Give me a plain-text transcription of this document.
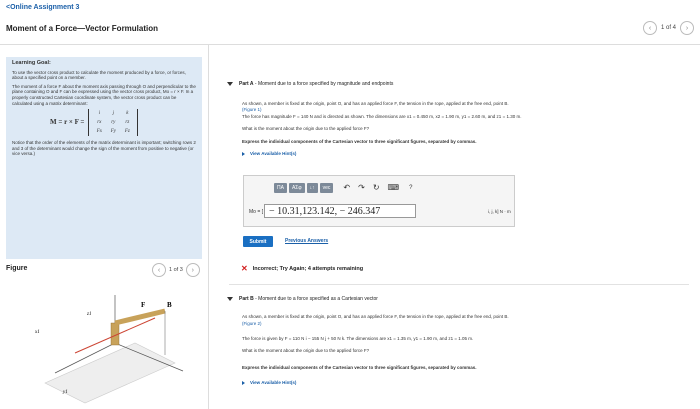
<Online Assignment 3
Moment of a Force—Vector Formulation	‹	1 of 4	›
Learning Goal:

To use the vector cross product to calculate the moment produced by a force, or forces, about a specified point on a member.

The moment of a force F about the moment axis passing through O and perpendicular to the plane containing O and F can be expressed using the vector cross product, Mo = r × F. In a properly constructed Cartesian coordinate system, the vector cross product can be calculated using a matrix determinant:

M = r × F =
i	j	k
rx	ry	rz
Fx	Fy	Fz

Notice that the order of the elements of the matrix determinant is important; switching rows 2 and 3 of the determinant would change the sign of the moment from positive to negative (or vice versa.)

Figure	‹	1 of 3	›
B
F
z1
x1
y1
Part A - Moment due to a force specified by magnitude and endpoints
As shown, a member is fixed at the origin, point O, and has an applied force F, the tension in the rope, applied at the free end, point B.
(Figure 1)
The force has magnitude F = 140 N and is directed as shown. The dimensions are x1 = 0.450 m, x2 = 1.90 m, y1 = 2.60 m, and z1 = 1.30 m.
What is the moment about the origin due to the applied force F?
Express the individual components of the Cartesian vector to three significant figures, separated by commas.
View Available Hint(s)
ΠΑ	ΑΣφ	↓↑	vec	↶ ↷ ↻ ⌨ ?
Mo = [ − 10.31,123.142, − 246.347	i, j, k] N · m
Submit	Previous Answers
✕ Incorrect; Try Again; 4 attempts remaining
Part B - Moment due to a force specified as a Cartesian vector
As shown, a member is fixed at the origin, point O, and has an applied force F, the tension in the rope, applied at the free end, point B.
(Figure 2)
The force is given by F = 110 N i − 155 N j + 50 N k. The dimensions are x1 = 1.35 m, y1 = 1.90 m, and z1 = 1.05 m.
What is the moment about the origin due to the applied force F?
Express the individual components of the Cartesian vector to three significant figures, separated by commas.
View Available Hint(s)
